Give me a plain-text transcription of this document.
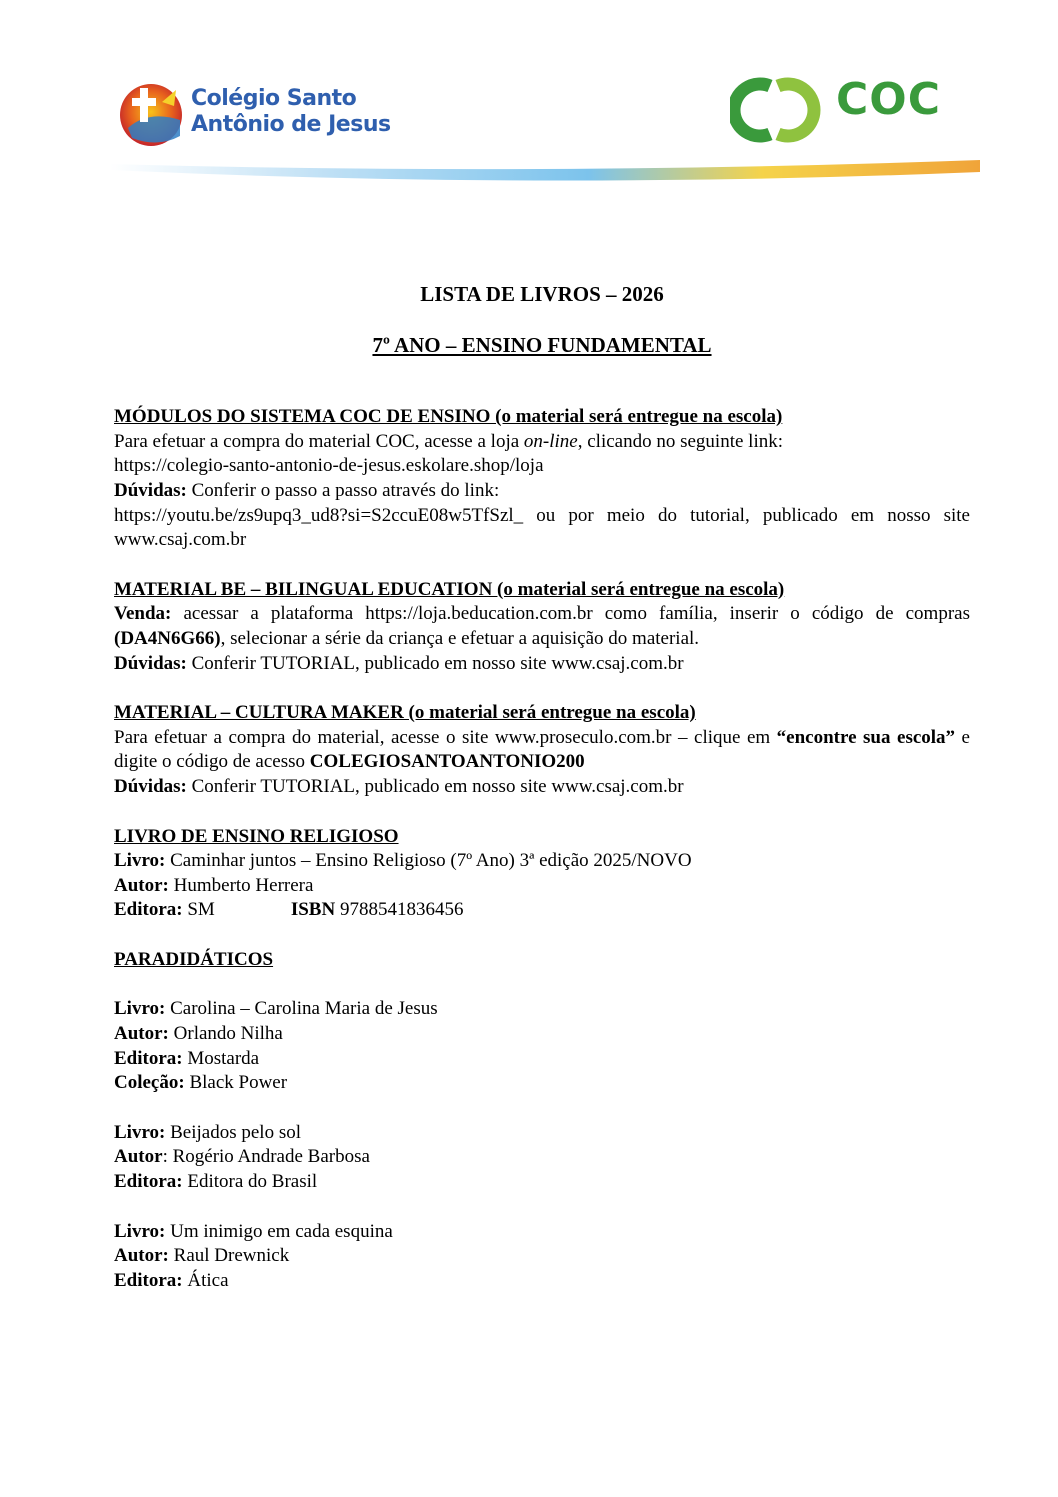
Colégio Santo
Antônio de Jesus	COC

LISTA DE LIVROS – 2026

7º ANO – ENSINO FUNDAMENTAL

MÓDULOS DO SISTEMA COC DE ENSINO (o material será entregue na escola)
Para efetuar a compra do material COC, acesse a loja on-line, clicando no seguinte link:
https://colegio-santo-antonio-de-jesus.eskolare.shop/loja
Dúvidas: Conferir o passo a passo através do link:
https://youtu.be/zs9upq3_ud8?si=S2ccuE08w5TfSzl_ ou por meio do tutorial, publicado em nosso site www.csaj.com.br
MATERIAL BE – BILINGUAL EDUCATION (o material será entregue na escola)
Venda: acessar a plataforma https://loja.beducation.com.br como família, inserir o código de compras (DA4N6G66), selecionar a série da criança e efetuar a aquisição do material.
Dúvidas: Conferir TUTORIAL, publicado em nosso site www.csaj.com.br
MATERIAL – CULTURA MAKER (o material será entregue na escola)
Para efetuar a compra do material, acesse o site www.proseculo.com.br – clique em “encontre sua escola” e digite o código de acesso COLEGIOSANTOANTONIO200
Dúvidas: Conferir TUTORIAL, publicado em nosso site www.csaj.com.br
LIVRO DE ENSINO RELIGIOSO
Livro: Caminhar juntos – Ensino Religioso (7º Ano) 3ª edição 2025/NOVO
Autor: Humberto Herrera
Editora: SM	ISBN 9788541836456
PARADIDÁTICOS
Livro: Carolina – Carolina Maria de Jesus
Autor: Orlando Nilha
Editora: Mostarda
Coleção: Black Power
Livro: Beijados pelo sol
Autor: Rogério Andrade Barbosa
Editora: Editora do Brasil
Livro: Um inimigo em cada esquina
Autor: Raul Drewnick
Editora: Ática
